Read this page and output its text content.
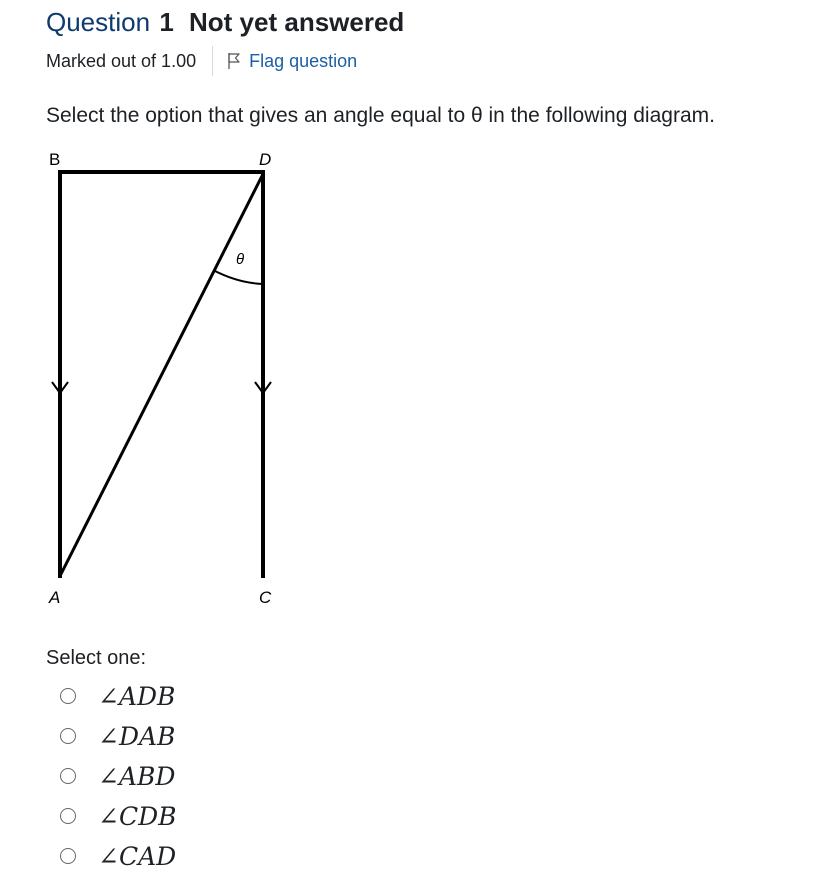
Question 1 Not yet answered
Marked out of 1.00	Flag question
Select the option that gives an angle equal to θ in the following diagram.
B	D
A	C
θ
Select one:
∠ADB
∠DAB
∠ABD
∠CDB
∠CAD
